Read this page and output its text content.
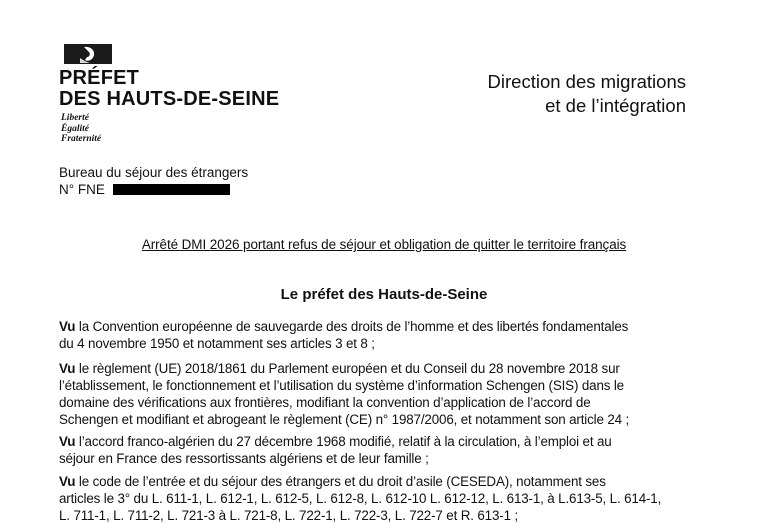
PRÉFET
DES HAUTS-DE-SEINE
Liberté
Égalité
Fraternité
Direction des migrations
et de l’intégration
Bureau du séjour des étrangers
N° FNE
Arrêté DMI 2026 portant refus de séjour et obligation de quitter le territoire français
Le préfet des Hauts-de-Seine
Vu la Convention européenne de sauvegarde des droits de l’homme et des libertés fondamentales
du 4 novembre 1950 et notamment ses articles 3 et 8 ;
Vu le règlement (UE) 2018/1861 du Parlement européen et du Conseil du 28 novembre 2018 sur
l’établissement, le fonctionnement et l’utilisation du système d’information Schengen (SIS) dans le
domaine des vérifications aux frontières, modifiant la convention d’application de l’accord de
Schengen et modifiant et abrogeant le règlement (CE) n° 1987/2006, et notamment son article 24 ;
Vu l’accord franco-algérien du 27 décembre 1968 modifié, relatif à la circulation, à l’emploi et au
séjour en France des ressortissants algériens et de leur famille ;
Vu le code de l’entrée et du séjour des étrangers et du droit d’asile (CESEDA), notamment ses
articles le 3° du L. 611-1, L. 612-1, L. 612-5, L. 612-8, L. 612-10 L. 612-12, L. 613-1, à L.613-5, L. 614-1,
L. 711-1, L. 711-2, L. 721-3 à L. 721-8, L. 722-1, L. 722-3, L. 722-7 et R. 613-1 ;
